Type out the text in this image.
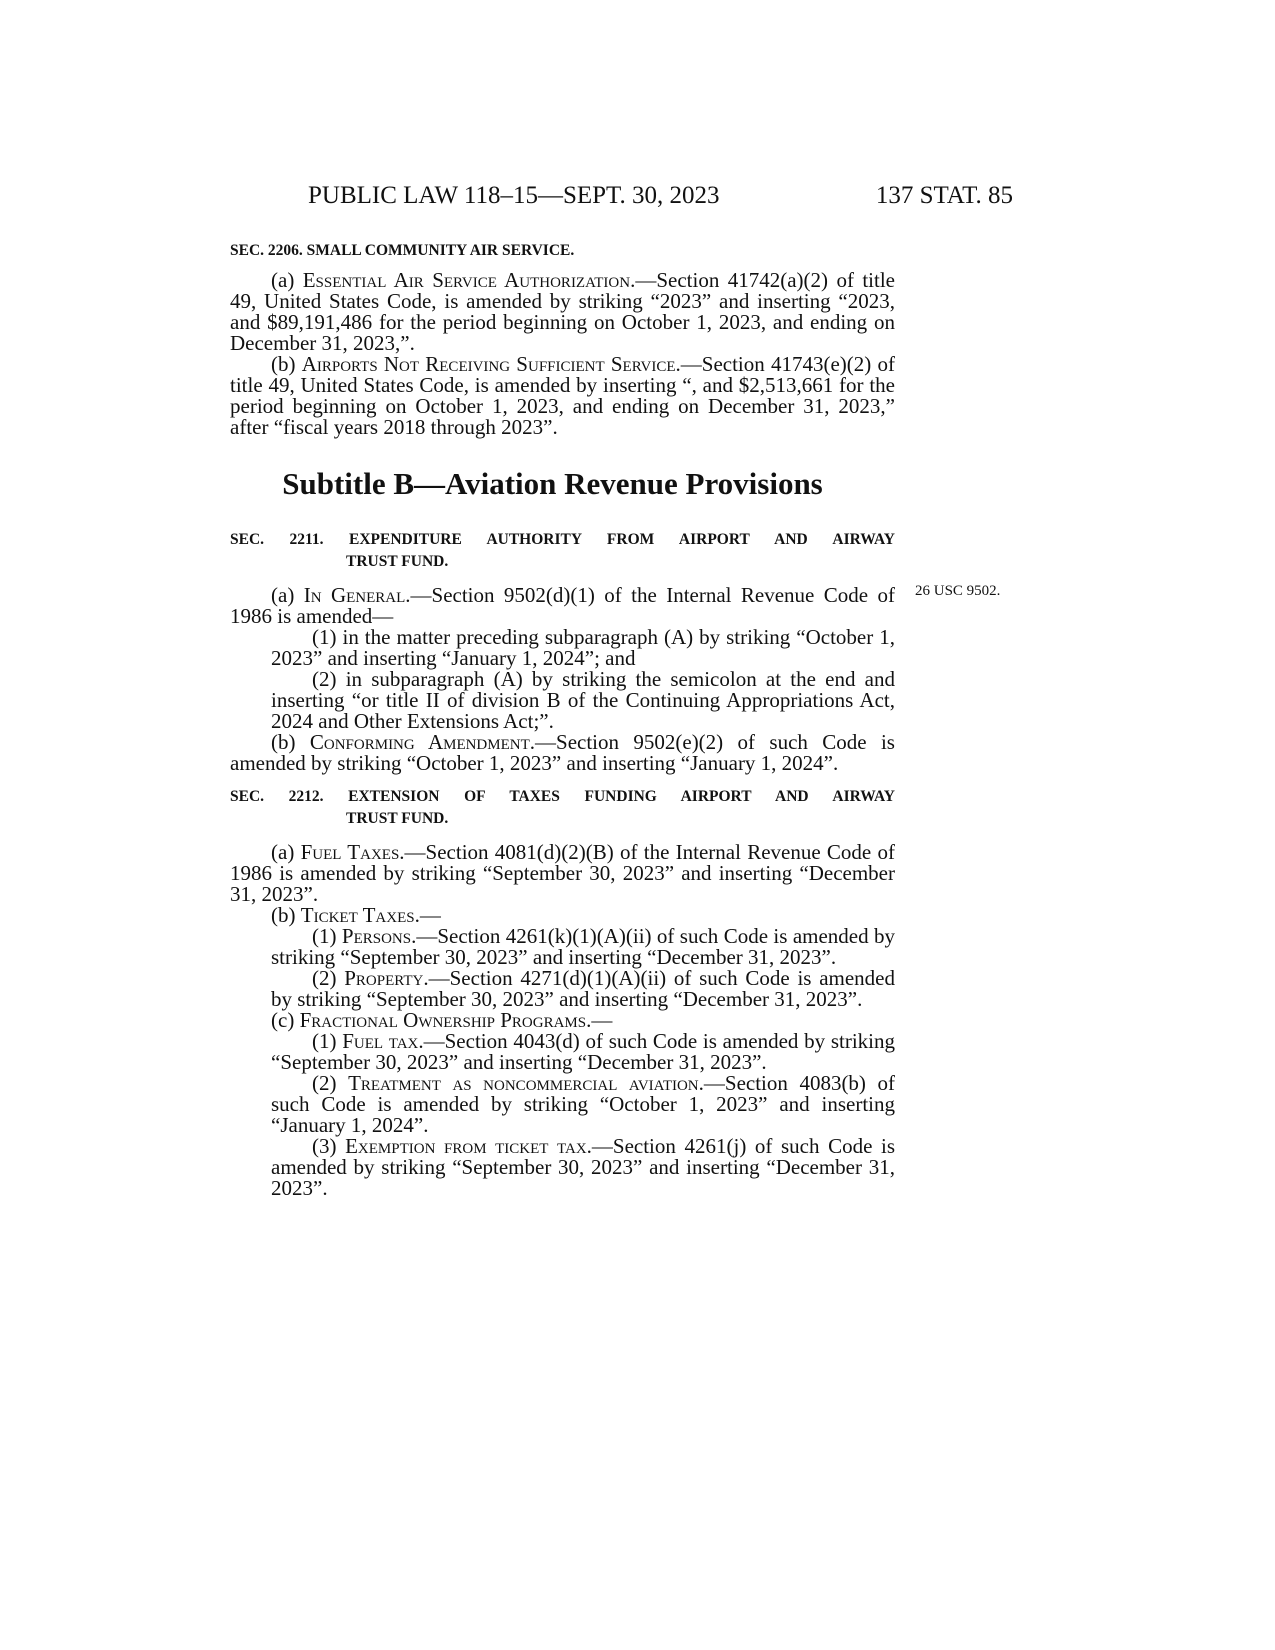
PUBLIC LAW 118–15—SEPT. 30, 2023	137 STAT. 85
26 USC 9502.
SEC. 2206. SMALL COMMUNITY AIR SERVICE.

(a) Essential Air Service Authorization.—Section 41742(a)(2) of title 49, United States Code, is amended by striking “2023” and inserting “2023, and $89,191,486 for the period beginning on October 1, 2023, and ending on December 31, 2023,”.

(b) Airports Not Receiving Sufficient Service.—Section 41743(e)(2) of title 49, United States Code, is amended by inserting “, and $2,513,661 for the period beginning on October 1, 2023, and ending on December 31, 2023,” after “fiscal years 2018 through 2023”.

Subtitle B—Aviation Revenue Provisions
SEC. 2211. EXPENDITURE AUTHORITY FROM AIRPORT AND AIRWAY
TRUST FUND.

(a) In General.—Section 9502(d)(1) of the Internal Revenue Code of 1986 is amended—

(1) in the matter preceding subparagraph (A) by striking “October 1, 2023” and inserting “January 1, 2024”; and

(2) in subparagraph (A) by striking the semicolon at the end and inserting “or title II of division B of the Continuing Appropriations Act, 2024 and Other Extensions Act;”.

(b) Conforming Amendment.—Section 9502(e)(2) of such Code is amended by striking “October 1, 2023” and inserting “January 1, 2024”.

SEC. 2212. EXTENSION OF TAXES FUNDING AIRPORT AND AIRWAY
TRUST FUND.

(a) Fuel Taxes.—Section 4081(d)(2)(B) of the Internal Revenue Code of 1986 is amended by striking “September 30, 2023” and inserting “December 31, 2023”.

(b) Ticket Taxes.—

(1) Persons.—Section 4261(k)(1)(A)(ii) of such Code is amended by striking “September 30, 2023” and inserting “December 31, 2023”.

(2) Property.—Section 4271(d)(1)(A)(ii) of such Code is amended by striking “September 30, 2023” and inserting “December 31, 2023”.

(c) Fractional Ownership Programs.—

(1) Fuel tax.—Section 4043(d) of such Code is amended by striking “September 30, 2023” and inserting “December 31, 2023”.

(2) Treatment as noncommercial aviation.—Section 4083(b) of such Code is amended by striking “October 1, 2023” and inserting “January 1, 2024”.

(3) Exemption from ticket tax.—Section 4261(j) of such Code is amended by striking “September 30, 2023” and inserting “December 31, 2023”.
